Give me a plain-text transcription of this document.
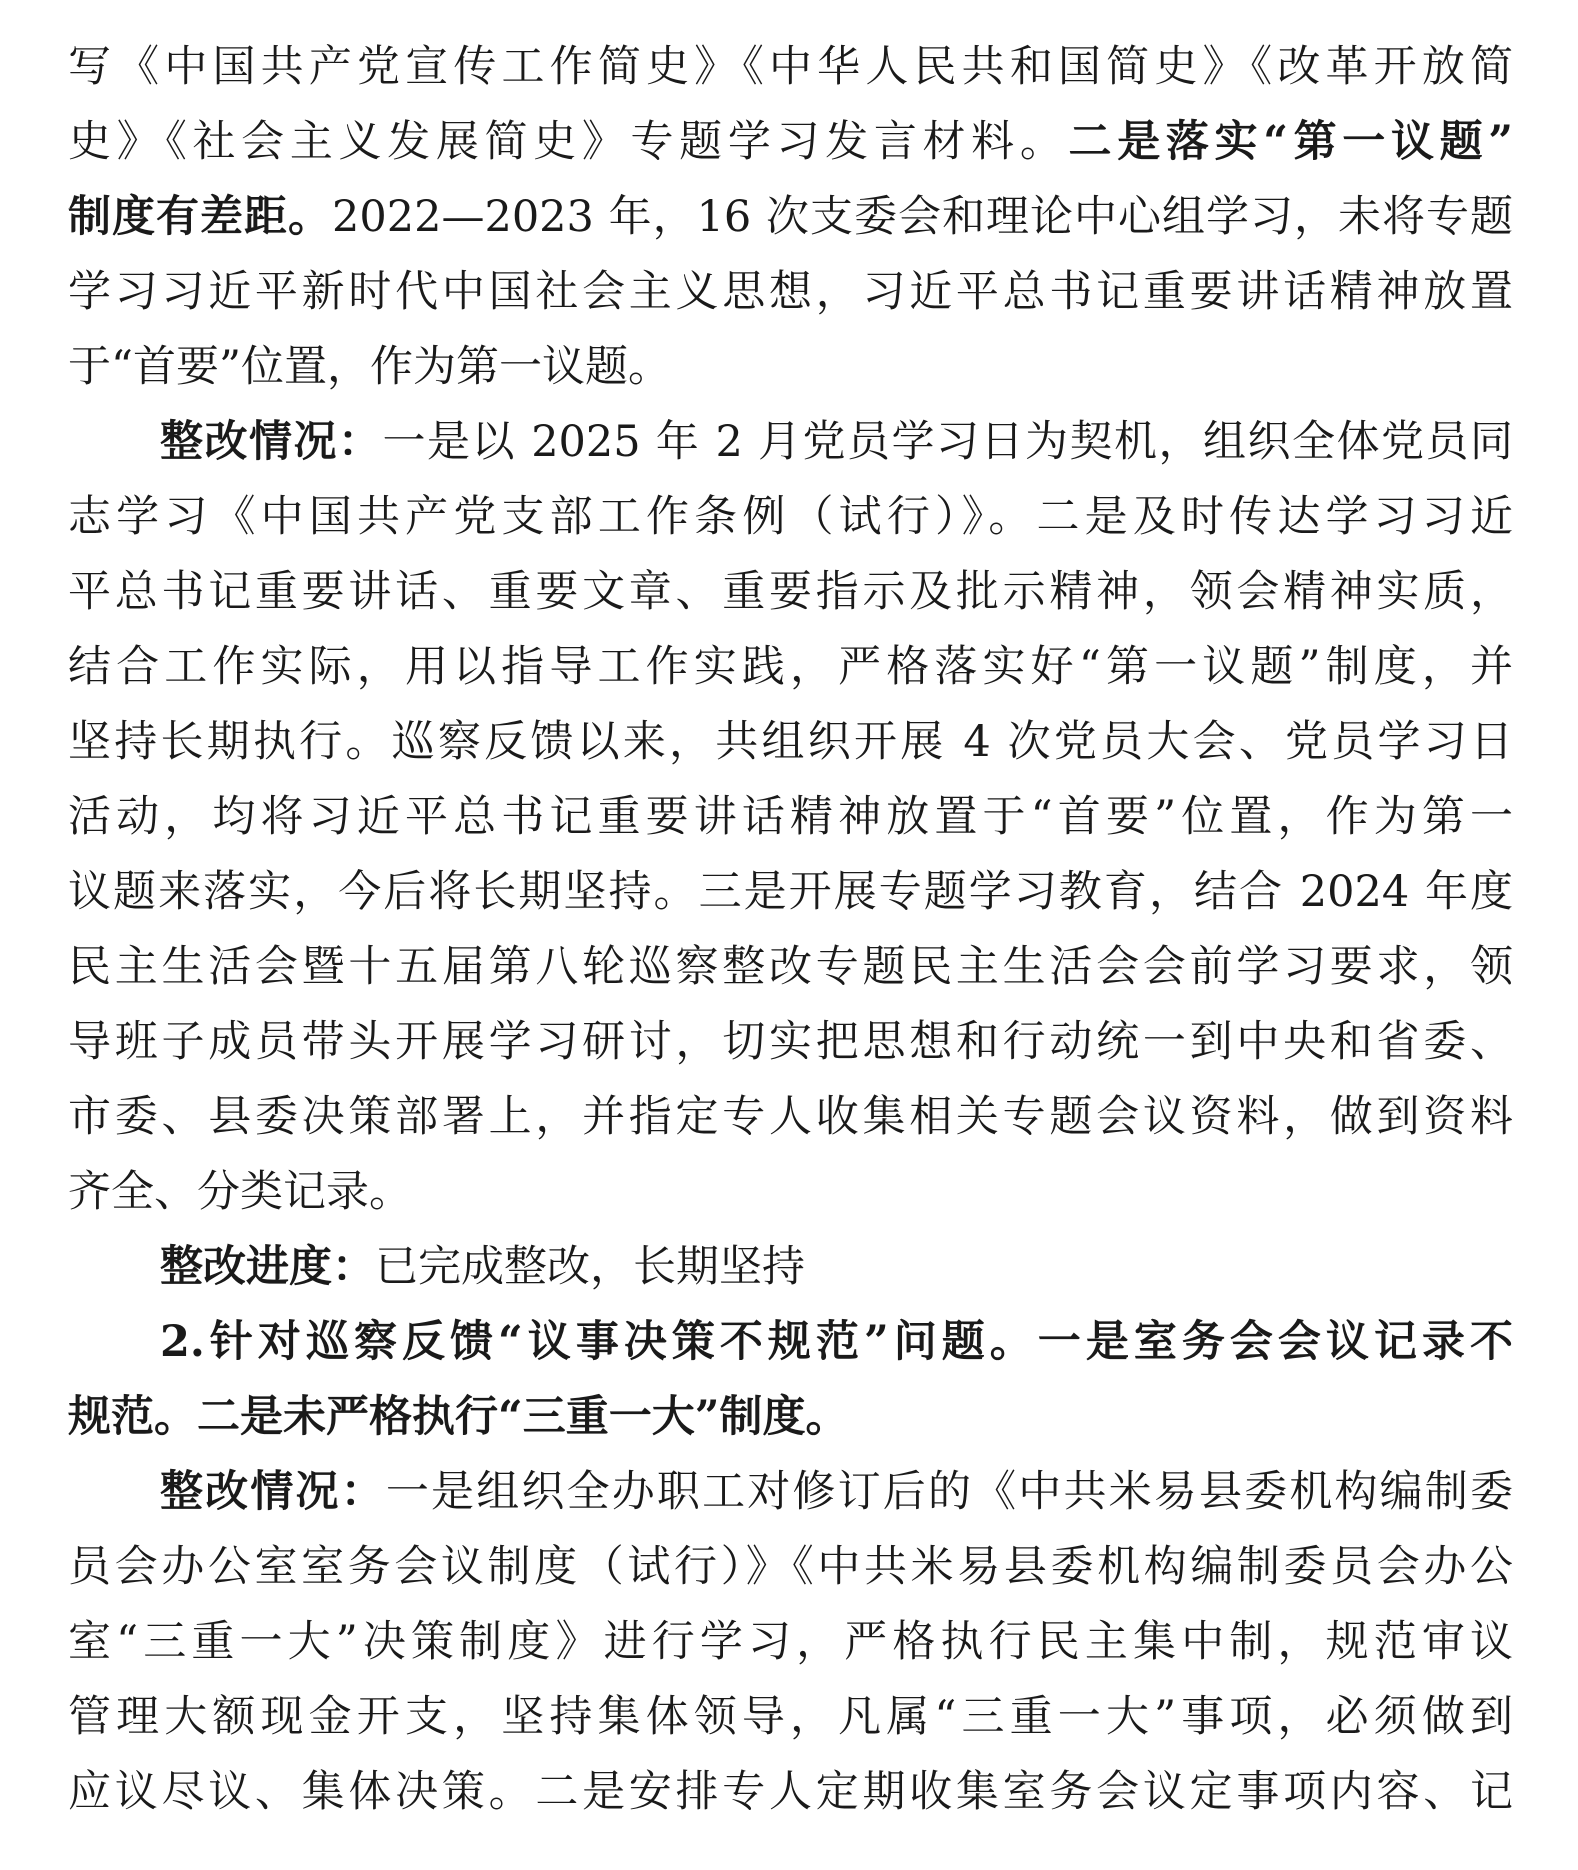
写《中国共产党宣传工作简史》《中华人民共和国简史》《改革开放简
史》《社会主义发展简史》专题学习发言材料。二是落实“第一议题”
制度有差距。2022—2023 年，16 次支委会和理论中心组学习，未将专题
学习习近平新时代中国社会主义思想，习近平总书记重要讲话精神放置
于“首要”位置，作为第一议题。
整改情况：一是以 2025 年 2 月党员学习日为契机，组织全体党员同
志学习《中国共产党支部工作条例（试行）》。二是及时传达学习习近
平总书记重要讲话、重要文章、重要指示及批示精神，领会精神实质，
结合工作实际，用以指导工作实践，严格落实好“第一议题”制度，并
坚持长期执行。巡察反馈以来，共组织开展 4 次党员大会、党员学习日
活动，均将习近平总书记重要讲话精神放置于“首要”位置，作为第一
议题来落实，今后将长期坚持。三是开展专题学习教育，结合 2024 年度
民主生活会暨十五届第八轮巡察整改专题民主生活会会前学习要求，领
导班子成员带头开展学习研讨，切实把思想和行动统一到中央和省委、
市委、县委决策部署上，并指定专人收集相关专题会议资料，做到资料
齐全、分类记录。
整改进度：已完成整改，长期坚持
2.针对巡察反馈“议事决策不规范”问题。一是室务会会议记录不
规范。二是未严格执行“三重一大”制度。
整改情况：一是组织全办职工对修订后的《中共米易县委机构编制委
员会办公室室务会议制度（试行）》《中共米易县委机构编制委员会办公
室“三重一大”决策制度》进行学习，严格执行民主集中制，规范审议
管理大额现金开支，坚持集体领导，凡属“三重一大”事项，必须做到
应议尽议、集体决策。二是安排专人定期收集室务会议定事项内容、记
